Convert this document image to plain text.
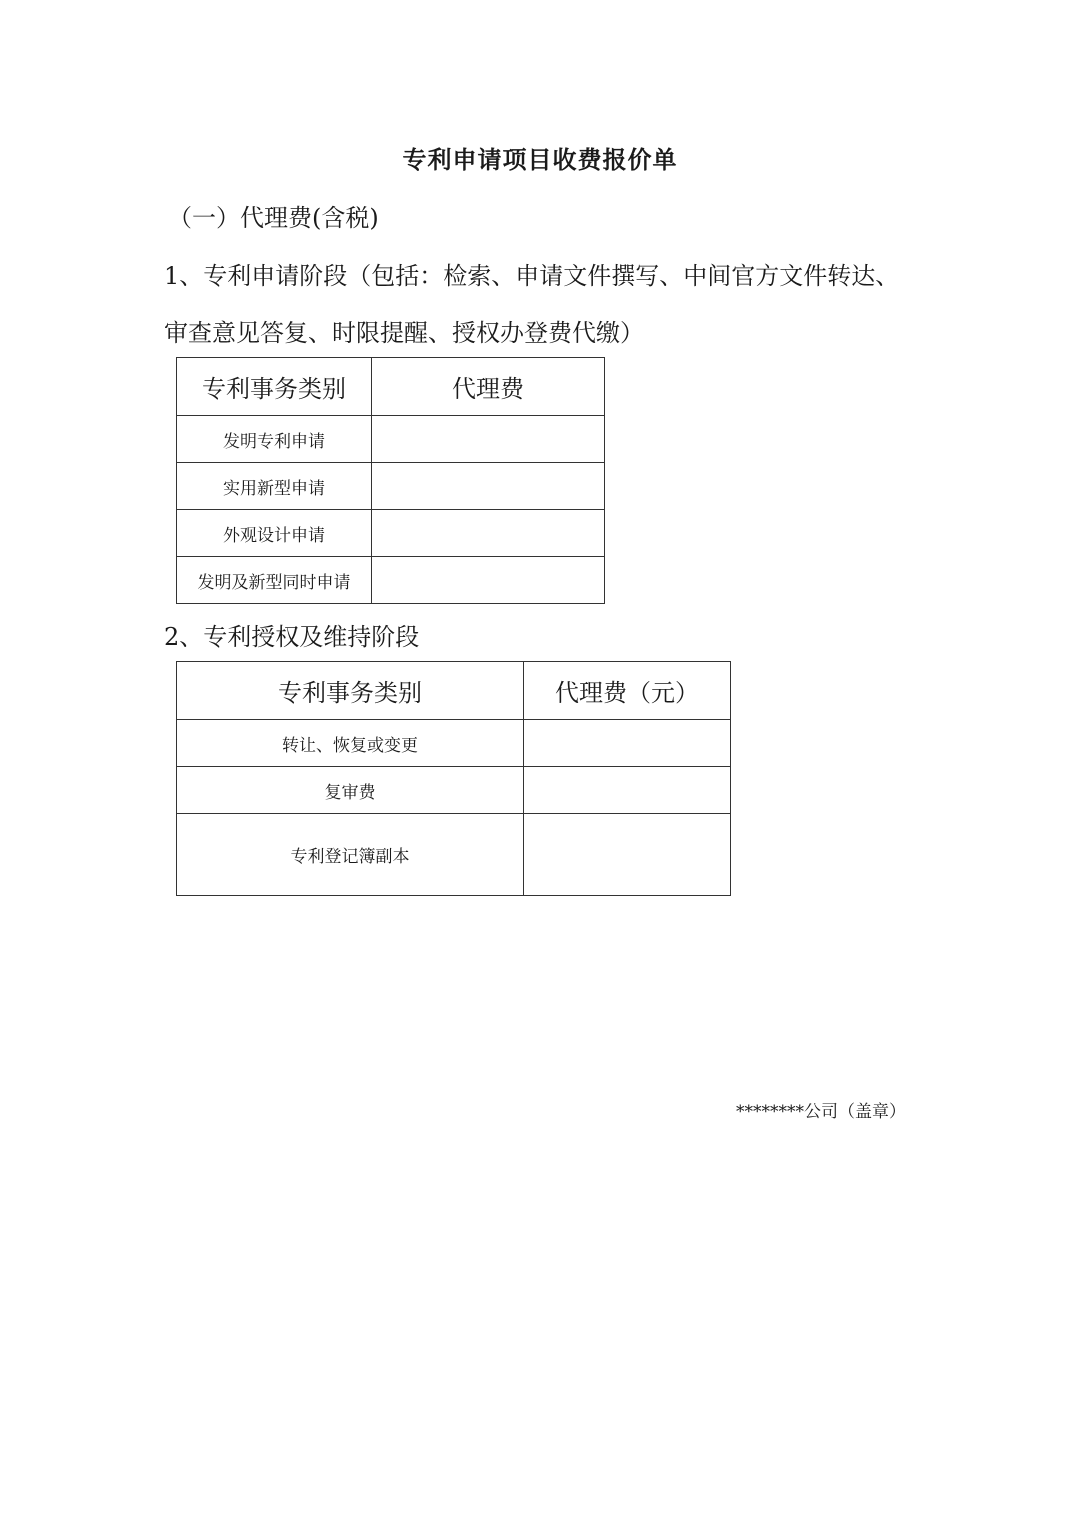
专利申请项目收费报价单
（一）代理费(含税)
1、专利申请阶段（包括：检索、申请文件撰写、中间官方文件转达、
审查意见答复、时限提醒、授权办登费代缴）
专利事务类别	代理费
发明专利申请	
实用新型申请	
外观设计申请	
发明及新型同时申请	
2、专利授权及维持阶段
专利事务类别	代理费（元）
转让、恢复或变更	
复审费	
专利登记簿副本	
********公司（盖章）
